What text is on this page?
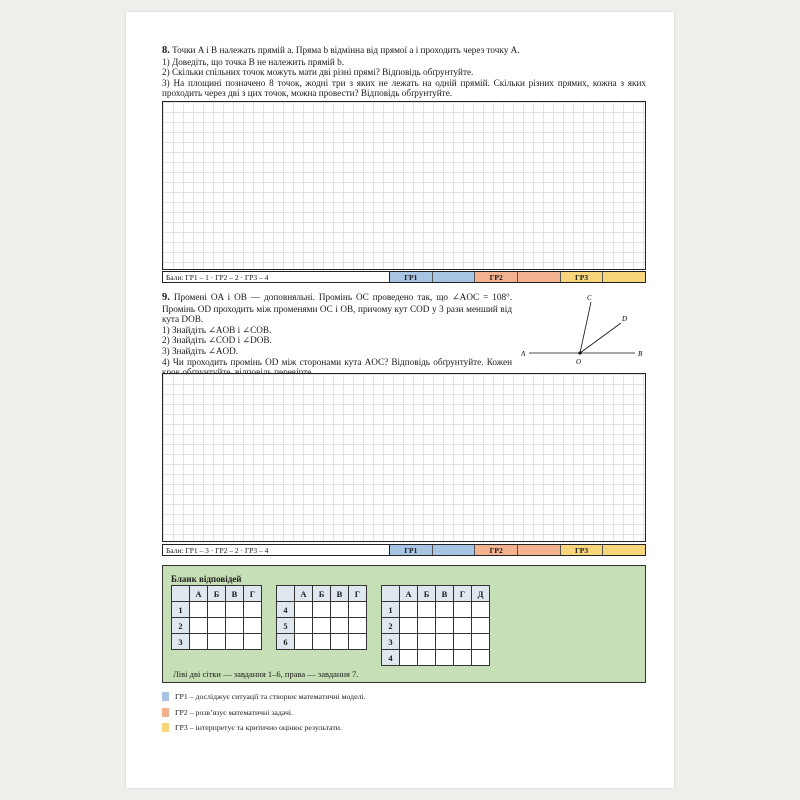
8. Точки A і B належать прямій a. Пряма b відмінна від прямої a і проходить через точку A.

1) Доведіть, що точка B не належить прямій b.

2) Скільки спільних точок можуть мати дві різні прямі? Відповідь обґрунтуйте.

3) На площині позначено 8 точок, жодні три з яких не лежать на одній прямій. Скільки різних прямих, кожна з яких проходить через дві з цих точок, можна провести? Відповідь обґрунтуйте.

Бали: ГР1 – 1 · ГР2 – 2 · ГР3 – 4	ГР1	ГР2	ГР3

9. Промені OA і OB — доповняльні. Промінь OC проведено так, що ∠AOC = 108°. Промінь OD проходить між променями OC і OB, причому кут COD у 3 рази менший від кута DOB.

1) Знайдіть ∠AOB і ∠COB.

2) Знайдіть ∠COD і ∠DOB.

3) Знайдіть ∠AOD.

4) Чи проходить промінь OD між сторонами кута AOC? Відповідь обґрунтуйте. Кожен

A	B
C
D
O
Бали: ГР1 – 3 · ГР2 – 2 · ГР3 – 4	ГР1	ГР2	ГР3
Бланк відповідей
	А	Б	В	Г
1				
2				
3				
	А	Б	В	Г
4				
5				
6				
	А	Б	В	Г	Д
1					
2					
3					
4					
Ліві дві сітки — завдання 1–6, права — завдання 7.
ГР1 – досліджує ситуації та створює математичні моделі.
ГР2 – розв’язує математичні задачі.
ГР3 – інтерпретує та критично оцінює результати.
